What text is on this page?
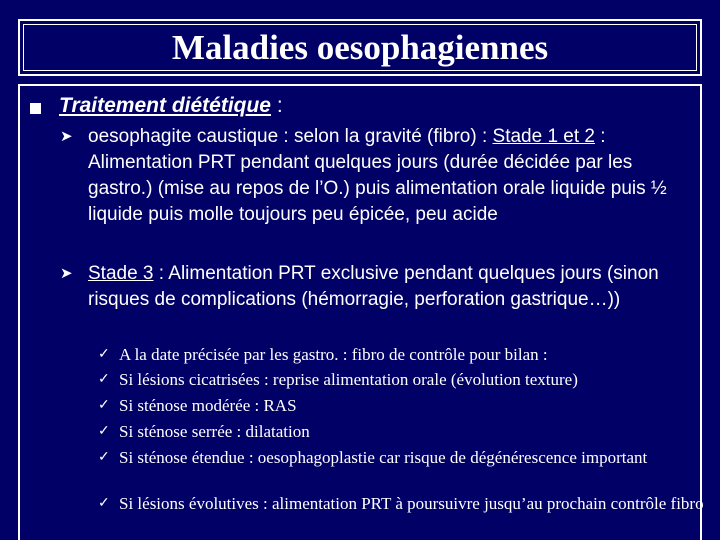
Maladies oesophagiennes
Traitement diététique :
➤ oesophagite caustique : selon la gravité (fibro) : Stade 1 et 2 : Alimentation PRT pendant quelques jours (durée décidée par les gastro.) (mise au repos de l’O.) puis alimentation orale liquide puis ½ liquide puis molle toujours peu épicée, peu acide
➤ Stade 3 : Alimentation PRT exclusive pendant quelques jours (sinon risques de complications (hémorragie, perforation gastrique…))
✓ A la date précisée par les gastro. : fibro de contrôle pour bilan :
✓ Si lésions cicatrisées : reprise alimentation orale (évolution texture)
✓ Si sténose modérée : RAS
✓ Si sténose serrée : dilatation
✓ Si sténose étendue : oesophagoplastie car risque de dégénérescence important
✓ Si lésions évolutives : alimentation PRT à poursuivre jusqu’au prochain contrôle fibro
